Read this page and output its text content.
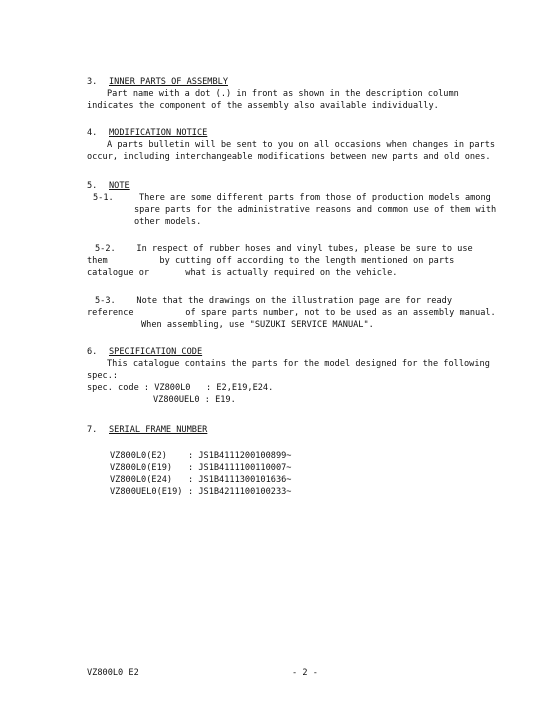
3. INNER PARTS OF ASSEMBLY
Part name with a dot (.) in front as shown in the description column
indicates the component of the assembly also available individually.
4. MODIFICATION NOTICE
A parts bulletin will be sent to you on all occasions when changes in parts
occur, including interchangeable modifications between new parts and old ones.
5. NOTE
5-1.	There are some different parts from those of production models among
spare parts for the administrative reasons and common use of them with
other models.
5-2.    In respect of rubber hoses and vinyl tubes, please be sure to use
them          by cutting off according to the length mentioned on parts
catalogue or       what is actually required on the vehicle.
5-3.    Note that the drawings on the illustration page are for ready
reference          of spare parts number, not to be used as an assembly manual.
When assembling, use "SUZUKI SERVICE MANUAL".
6. SPECIFICATION CODE
This catalogue contains the parts for the model designed for the following
spec.:
spec. code : VZ800L0   : E2,E19,E24.
VZ800UEL0 : E19.
7. SERIAL FRAME NUMBER
VZ800L0(E2) : JS1B4111200100899~
VZ800L0(E19) : JS1B4111100110007~
VZ800L0(E24) : JS1B4111300101636~
VZ800UEL0(E19) : JS1B4211100100233~
VZ800L0 E2	- 2 -
